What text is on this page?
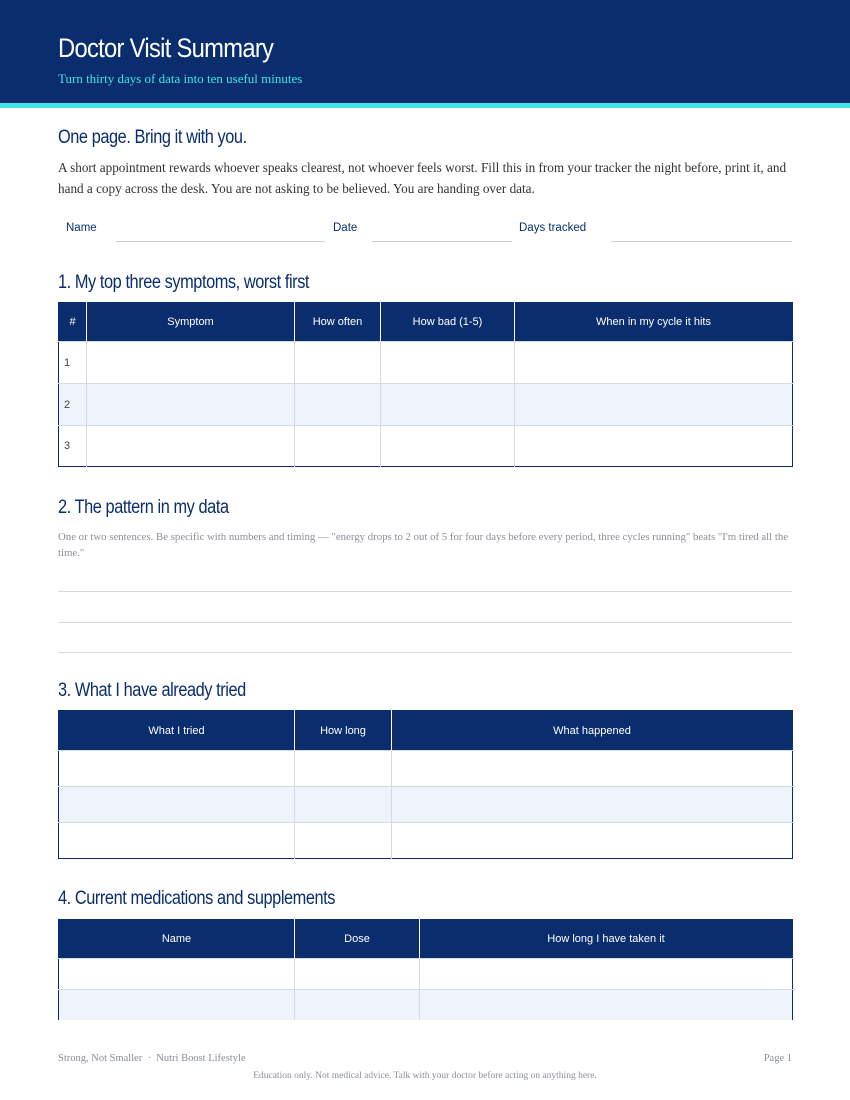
Doctor Visit Summary
Turn thirty days of data into ten useful minutes
One page. Bring it with you.

A short appointment rewards whoever speaks clearest, not whoever feels worst. Fill this in from your tracker the night before, print it, and hand a copy across the desk. You are not asking to be believed. You are handing over data.

Name	Date	Days tracked
1. My top three symptoms, worst first
#	Symptom	How often	How bad (1-5)	When in my cycle it hits
1				
2				
3				
2. The pattern in my data

One or two sentences. Be specific with numbers and timing — "energy drops to 2 out of 5 for four days before every period, three cycles running" beats "I'm tired all the time."

3. What I have already tried
What I tried	How long	What happened

4. Current medications and supplements
Name	Dose	How long I have taken it

Strong, Not Smaller · Nutri Boost Lifestyle	Page 1
Education only. Not medical advice. Talk with your doctor before acting on anything here.
